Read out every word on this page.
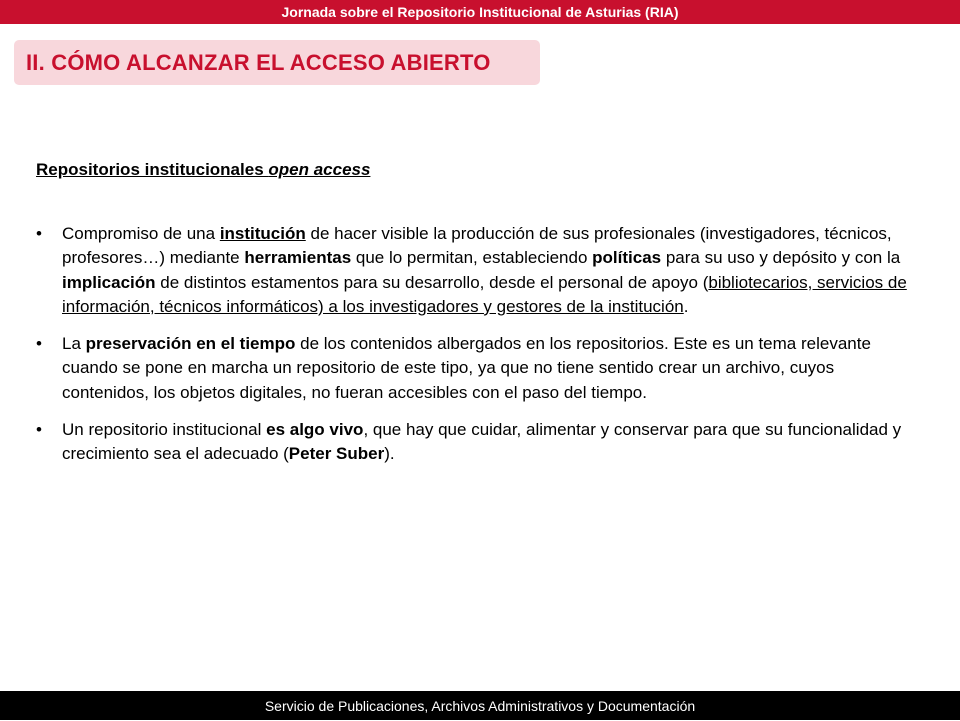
Jornada sobre el Repositorio Institucional de Asturias (RIA)
II. CÓMO ALCANZAR EL ACCESO ABIERTO
Repositorios institucionales open access
• Compromiso de una institución de hacer visible la producción de sus profesionales (investigadores, técnicos, profesores…) mediante herramientas que lo permitan, estableciendo políticas para su uso y depósito y con la implicación de distintos estamentos para su desarrollo, desde el personal de apoyo (bibliotecarios, servicios de información, técnicos informáticos) a los investigadores y gestores de la institución.
• La preservación en el tiempo de los contenidos albergados en los repositorios. Este es un tema relevante cuando se pone en marcha un repositorio de este tipo, ya que no tiene sentido crear un archivo, cuyos contenidos, los objetos digitales, no fueran accesibles con el paso del tiempo.
• Un repositorio institucional es algo vivo, que hay que cuidar, alimentar y conservar para que su funcionalidad y crecimiento sea el adecuado (Peter Suber).
Servicio de Publicaciones, Archivos Administrativos y Documentación
